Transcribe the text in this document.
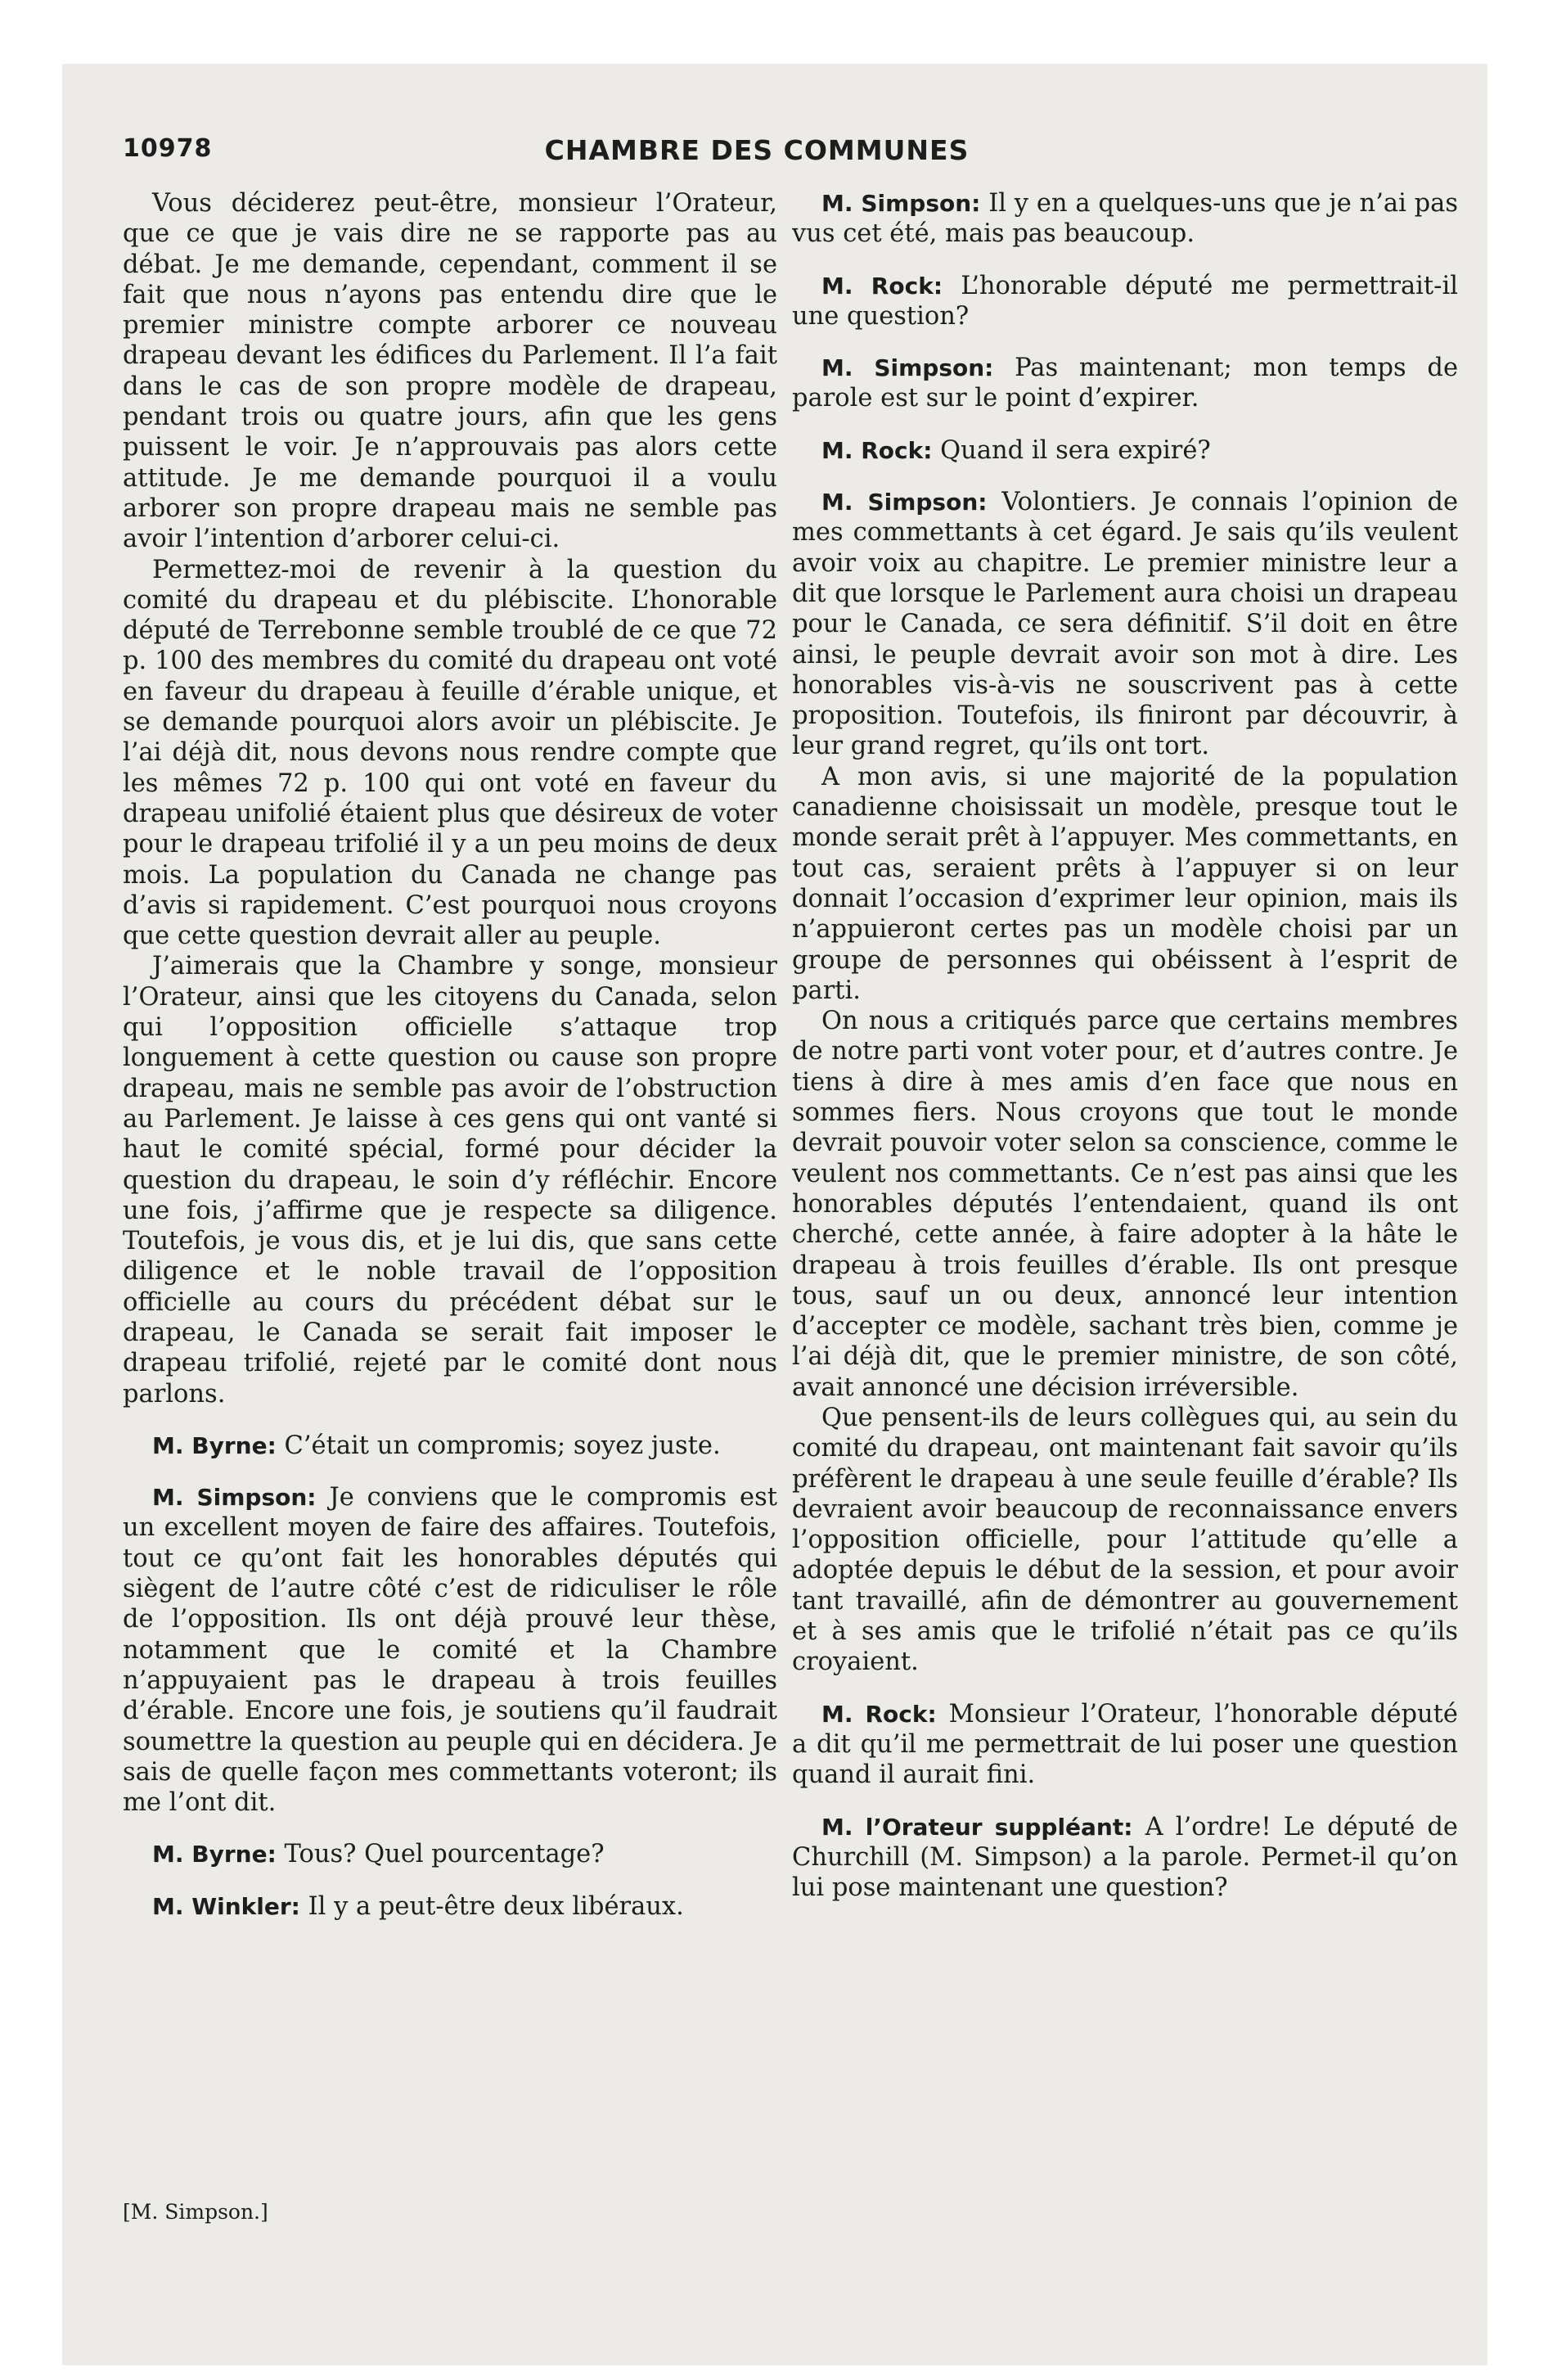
10978	CHAMBRE DES COMMUNES

Vous déciderez peut-être, monsieur l’Orateur, que ce que je vais dire ne se rapporte pas au débat. Je me demande, cependant, comment il se fait que nous n’ayons pas entendu dire que le premier ministre compte arborer ce nouveau drapeau devant les édifices du Parlement. Il l’a fait dans le cas de son propre modèle de drapeau, pendant trois ou quatre jours, afin que les gens puissent le voir. Je n’approuvais pas alors cette attitude. Je me demande pourquoi il a voulu arborer son propre drapeau mais ne semble pas avoir l’intention d’arborer celui-ci.

Permettez-moi de revenir à la question du comité du drapeau et du plébiscite. L’honorable député de Terrebonne semble troublé de ce que 72 p. 100 des membres du comité du drapeau ont voté en faveur du drapeau à feuille d’érable unique, et se demande pourquoi alors avoir un plébiscite. Je l’ai déjà dit, nous devons nous rendre compte que les mêmes 72 p. 100 qui ont voté en faveur du drapeau unifolié étaient plus que désireux de voter pour le drapeau trifolié il y a un peu moins de deux mois. La population du Canada ne change pas d’avis si rapidement. C’est pourquoi nous croyons que cette question devrait aller au peuple.

J’aimerais que la Chambre y songe, monsieur l’Orateur, ainsi que les citoyens du Canada, selon qui l’opposition officielle s’attaque trop longuement à cette question ou cause son propre drapeau, mais ne semble pas avoir de l’obstruction au Parlement. Je laisse à ces gens qui ont vanté si haut le comité spécial, formé pour décider la question du drapeau, le soin d’y réfléchir. Encore une fois, j’affirme que je respecte sa diligence. Toutefois, je vous dis, et je lui dis, que sans cette diligence et le noble travail de l’opposition officielle au cours du précédent débat sur le drapeau, le Canada se serait fait imposer le drapeau trifolié, rejeté par le comité dont nous parlons.

M. Byrne: C’était un compromis; soyez juste.

M. Simpson: Je conviens que le compromis est un excellent moyen de faire des affaires. Toutefois, tout ce qu’ont fait les honorables députés qui siègent de l’autre côté c’est de ridiculiser le rôle de l’opposition. Ils ont déjà prouvé leur thèse, notamment que le comité et la Chambre n’appuyaient pas le drapeau à trois feuilles d’érable. Encore une fois, je soutiens qu’il faudrait soumettre la question au peuple qui en décidera. Je sais de quelle façon mes commettants voteront; ils me l’ont dit.

M. Byrne: Tous? Quel pourcentage?

M. Winkler: Il y a peut-être deux libéraux.

M. Simpson: Il y en a quelques-uns que je n’ai pas vus cet été, mais pas beaucoup.

M. Rock: L’honorable député me permettrait-il une question?

M. Simpson: Pas maintenant; mon temps de parole est sur le point d’expirer.

M. Rock: Quand il sera expiré?

M. Simpson: Volontiers. Je connais l’opinion de mes commettants à cet égard. Je sais qu’ils veulent avoir voix au chapitre. Le premier ministre leur a dit que lorsque le Parlement aura choisi un drapeau pour le Canada, ce sera définitif. S’il doit en être ainsi, le peuple devrait avoir son mot à dire. Les honorables vis-à-vis ne souscrivent pas à cette proposition. Toutefois, ils finiront par découvrir, à leur grand regret, qu’ils ont tort.

A mon avis, si une majorité de la population canadienne choisissait un modèle, presque tout le monde serait prêt à l’appuyer. Mes commettants, en tout cas, seraient prêts à l’appuyer si on leur donnait l’occasion d’exprimer leur opinion, mais ils n’appuieront certes pas un modèle choisi par un groupe de personnes qui obéissent à l’esprit de parti.

On nous a critiqués parce que certains membres de notre parti vont voter pour, et d’autres contre. Je tiens à dire à mes amis d’en face que nous en sommes fiers. Nous croyons que tout le monde devrait pouvoir voter selon sa conscience, comme le veulent nos commettants. Ce n’est pas ainsi que les honorables députés l’entendaient, quand ils ont cherché, cette année, à faire adopter à la hâte le drapeau à trois feuilles d’érable. Ils ont presque tous, sauf un ou deux, annoncé leur intention d’accepter ce modèle, sachant très bien, comme je l’ai déjà dit, que le premier ministre, de son côté, avait annoncé une décision irréversible.

Que pensent-ils de leurs collègues qui, au sein du comité du drapeau, ont maintenant fait savoir qu’ils préfèrent le drapeau à une seule feuille d’érable? Ils devraient avoir beaucoup de reconnaissance envers l’opposition officielle, pour l’attitude qu’elle a adoptée depuis le début de la session, et pour avoir tant travaillé, afin de démontrer au gouvernement et à ses amis que le trifolié n’était pas ce qu’ils croyaient.

M. Rock: Monsieur l’Orateur, l’honorable député a dit qu’il me permettrait de lui poser une question quand il aurait fini.

M. l’Orateur suppléant: A l’ordre! Le député de Churchill (M. Simpson) a la parole. Permet-il qu’on lui pose maintenant une question?

[M. Simpson.]
